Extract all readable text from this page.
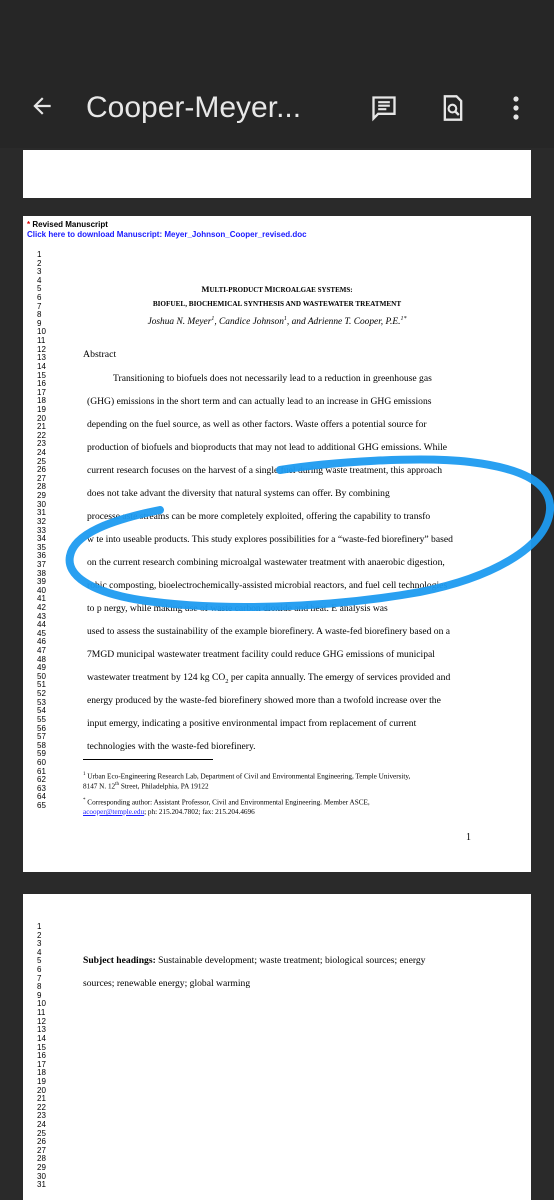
Cooper-Meyer...
* Revised Manuscript
Click here to download Manuscript: Meyer_Johnson_Cooper_revised.doc
1
2
3
4
5
6
7
8
9
10
11
12
13
14
15
16
17
18
19
20
21
22
23
24
25
26
27
28
29
30
31
32
33
34
35
36
37
38
39
40
41
42
43
44
45
46
47
48
49
50
51
52
53
54
55
56
57
58
59
60
61
62
63
64
65
MULTI-PRODUCT MICROALGAE SYSTEMS:
BIOFUEL, BIOCHEMICAL SYNTHESIS AND WASTEWATER TREATMENT
Joshua N. Meyer$^1$, Candice Johnson$^1$, and Adrienne T. Cooper, P.E.$^{1*}$
Abstract
Transitioning to biofuels does not necessarily lead to a reduction in greenhouse gas
(GHG) emissions in the short term and can actually lead to an increase in GHG emissions
depending on the fuel source, as well as other factors. Waste offers a potential source for
production of biofuels and bioproducts that may not lead to additional GHG emissions. While
current research focuses on the harvest of a single fuel during waste treatment, this approach
does not take advant the diversity that natural systems can offer. By combining
processe aste streams can be more completely exploited, offering the capability to transfo
w te into useable products. This study explores possibilities for a “waste-fed biorefinery” based
on the current research combining microalgal wastewater treatment with anaerobic digestion,
robic composting, bioelectrochemically-assisted microbial reactors, and fuel cell technologies
to p nergy, while making use of waste carbon dioxide and heat. E analysis was
used to assess the sustainability of the example biorefinery. A waste-fed biorefinery based on a
7MGD municipal wastewater treatment facility could reduce GHG emissions of municipal
wastewater treatment by 124 kg $CO_2$ per capita annually. The emergy of services provided and
energy produced by the waste-fed biorefinery showed more than a twofold increase over the
input emergy, indicating a positive environmental impact from replacement of current
technologies with the waste-fed biorefinery.
$^1$ Urban Eco-Engineering Research Lab, Department of Civil and Environmental Engineering, Temple University,
8147 N. 12th Street, Philadelphia, PA 19122
* Corresponding author: Assistant Professor, Civil and Environmental Engineering. Member ASCE,
acooper@temple.edu; ph: 215.204.7802; fax: 215.204.4696
1
1
2
3
4
5
6
7
8
9
10
11
12
13
14
15
16
17
18
19
20
21
22
23
24
25
26
27
28
29
30
31
Subject headings: Sustainable development; waste treatment; biological sources; energy
sources; renewable energy; global warming
